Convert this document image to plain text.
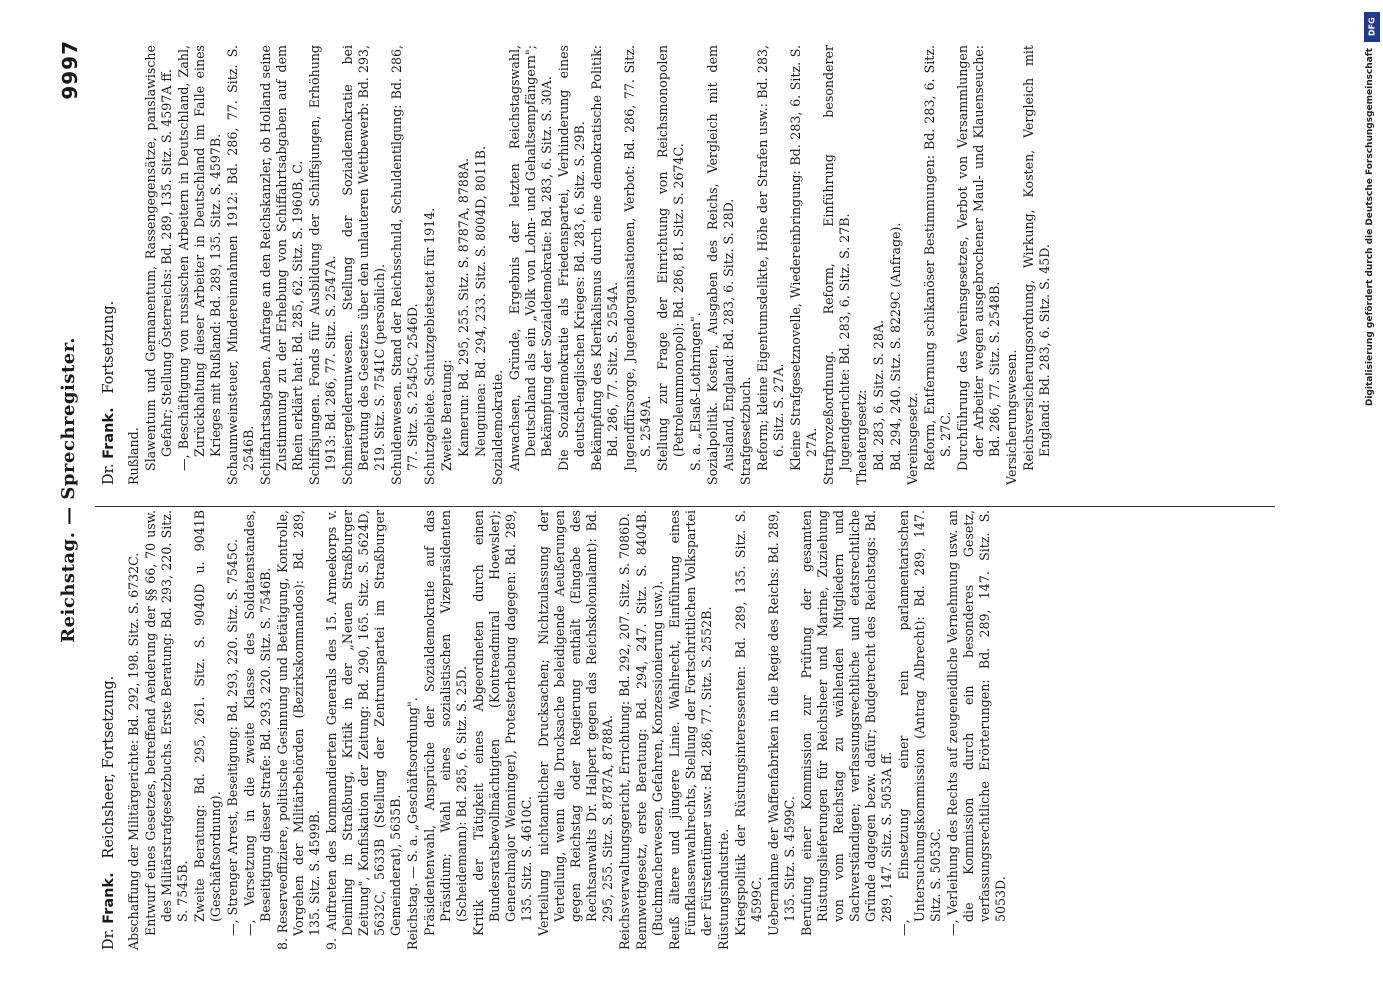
Reichstag. — Sprechregister.
9997
Dr. Frank.   Reichsheer, Fortsetzung. Abschaffung der Militärgerichte: Bd. 292, 198. Sitz. S. 6732C. Entwurf eines Gesetzes, betreffend Aenderung der §§ 66, 70 usw. des Militärstrafgesetzbuchs. Erste Beratung: Bd. 293, 220. Sitz. S. 7545B. Zweite Beratung: Bd. 295, 261. Sitz. S. 9040D u. 9041B (Geschäftsordnung). —, Strenger Arrest, Beseitigung: Bd. 293, 220. Sitz. S. 7545C. —, Versetzung in die zweite Klasse des Soldatenstandes, Beseitigung dieser Strafe: Bd. 293, 220. Sitz. S. 7546B. 8. Reserveoffiziere, politische Gesinnung und Betätigung, Kontrolle, Vorgehen der Militärbehörden (Bezirkskommandos): Bd. 289, 135. Sitz. S. 4599B. 9. Auftreten des kommandierten Generals des 15. Armeekorps v. Deimling in Straßburg, Kritik in der „Neuen Straßburger Zeitung", Konfiskation der Zeitung: Bd. 290, 165. Sitz. S. 5624D, 5632C, 5633B (Stellung der Zentrumspartei im Straßburger Gemeinderat), 5635B. Reichstag. — S. a. „Geschäftsordnung". Präsidentenwahl, Ansprüche der Sozialdemokratie auf das Präsidium; Wahl eines sozialistischen Vizepräsidenten (Scheidemann): Bd. 285, 6. Sitz. S. 25D. Kritik der Tätigkeit eines Abgeordneten durch einen Bundesratsbevollmächtigten (Kontreadmiral Hoewsler); Generalmajor Wenninger), Protesterhebung dagegen: Bd. 289, 135. Sitz. S. 4610C. Verteilung nichtamtlicher Drucksachen; Nichtzulassung der Verteilung, wenn die Drucksache beleidigende Aeußerungen gegen Reichstag oder Regierung enthält (Eingabe des Rechtsanwalts Dr. Halpert gegen das Reichskolonialamt): Bd. 295, 255. Sitz. S. 8787A, 8788A. Reichsverwaltungsgericht, Errichtung: Bd. 292, 207. Sitz. S. 7086D. Rennwettgesetz, erste Beratung: Bd. 294, 247. Sitz. S. 8404B. (Buchmacherwesen, Gefahren, Konzessionierung usw.). Reuß ältere und jüngere Linie. Wahlrecht, Einführung eines Fünfklassenwahlrechts, Stellung der Fortschrittlichen Volkspartei der Fürstentümer usw.: Bd. 286, 77. Sitz. S. 2552B. Rüstungsindustrie. Kriegspolitik der Rüstungsinteressenten: Bd. 289, 135. Sitz. S. 4599C. Uebernahme der Waffenfabriken in die Regie des Reichs: Bd. 289, 135. Sitz. S. 4599C. Berufung einer Kommission zur Prüfung der gesamten Rüstungslieferungen für Reichsheer und Marine, Zuziehung von vom Reichstag zu wählenden Mitgliedern und Sachverständigen; verfassungsrechtliche und etatsrechtliche Gründe dagegen bezw. dafür; Budgetrecht des Reichstags: Bd. 289, 147. Sitz. S. 5053A ff. —, Einsetzung einer rein parlamentarischen Untersuchungskommission (Antrag Albrecht): Bd. 289, 147. Sitz. S. 5053C. —, Verleihung des Rechts auf zeugeneidliche Vernehmung usw. an die Kommission durch ein besonderes Gesetz, verfassungsrechtliche Erörterungen: Bd. 289, 147. Sitz. S. 5053D.
Dr. Frank.   Fortsetzung.
Rußland. Slawentum und Germanentum, Rassengegensätze, panslawische Gefahr; Stellung Österreichs: Bd. 289, 135. Sitz. S. 4597A ff. —, Beschäftigung von russischen Arbeitern in Deutschland, Zahl, Zurückhaltung dieser Arbeiter in Deutschland im Falle eines Krieges mit Rußland: Bd. 289, 135. Sitz. S. 4597B. Schaumweinsteuer, Mindereinnahmen 1912: Bd. 286, 77. Sitz. S. 2546B. Schiffahrtsabgaben. Anfrage an den Reichskanzler, ob Holland seine Zustimmung zu der Erhebung von Schiffahrtsabgaben auf dem Rhein erklärt hat: Bd. 285, 62. Sitz. S. 1960B, C. Schiffsjungen. Fonds für Ausbildung der Schiffsjungen, Erhöhung 1913: Bd. 286, 77. Sitz. S. 2547A. Schmiergelderunwesen. Stellung der Sozialdemokratie bei Beratung des Gesetzes über den unlauteren Wettbewerb: Bd. 293, 219. Sitz. S. 7541C (persönlich). Schuldenwesen. Stand der Reichsschuld, Schuldentilgung: Bd. 286, 77. Sitz. S. 2545C, 2546D. Schutzgebiete. Schutzgebietsetat für 1914. Zweite Beratung: Kamerun: Bd. 295, 255. Sitz. S. 8787A, 8788A. Neuguinea: Bd. 294, 233. Sitz. S. 8004D, 8011B. Sozialdemokratie. Anwachsen, Gründe, Ergebnis der letzten Reichstagswahl, Deutschland als ein „Volk von Lohn- und Gehaltsempfängern"; Bekämpfung der Sozialdemokratie: Bd. 283, 6. Sitz. S. 30A. Die Sozialdemokratie als Friedenspartei, Verhinderung eines deutsch-englischen Krieges: Bd. 283, 6. Sitz. S. 29B. Bekämpfung des Klerikalismus durch eine demokratische Politik: Bd. 286, 77. Sitz. S. 2554A. Jugendfürsorge, Jugendorganisationen, Verbot: Bd. 286, 77. Sitz. S. 2549A. Stellung zur Frage der Einrichtung von Reichsmonopolen (Petroleummonopol): Bd. 286, 81. Sitz. S. 2674C. S. a. „Elsaß-Lothringen". Sozialpolitik. Kosten, Ausgaben des Reichs, Vergleich mit dem Ausland, England: Bd. 283, 6. Sitz. S. 28D. Strafgesetzbuch. Reform; kleine Eigentumsdelikte, Höhe der Strafen usw.: Bd. 283, 6. Sitz. S. 27A. Kleine Strafgesetznovelle, Wiedereinbringung: Bd. 283, 6. Sitz. S. 27A. Strafprozeßordnung. Reform, Einführung besonderer Jugendgerichte: Bd. 283, 6. Sitz. S. 27B. Theatergesetz: Bd. 283, 6. Sitz. S. 28A. Bd. 294, 240. Sitz. S. 8229C (Anfrage). Vereinsgesetz. Reform, Entfernung schikanöser Bestimmungen: Bd. 283, 6. Sitz. S. 27C. Durchführung des Vereinsgesetzes, Verbot von Versammlungen der Arbeiter wegen ausgebrochener Maul- und Klauenseuche: Bd. 286, 77. Sitz. S. 2548B. Versicherungswesen. Reichsversicherungsordnung, Wirkung, Kosten, Vergleich mit England: Bd. 283, 6. Sitz. S. 45D.
DFG
Digitalisierung gefördert durch die Deutsche Forschungsgemeinschaft
